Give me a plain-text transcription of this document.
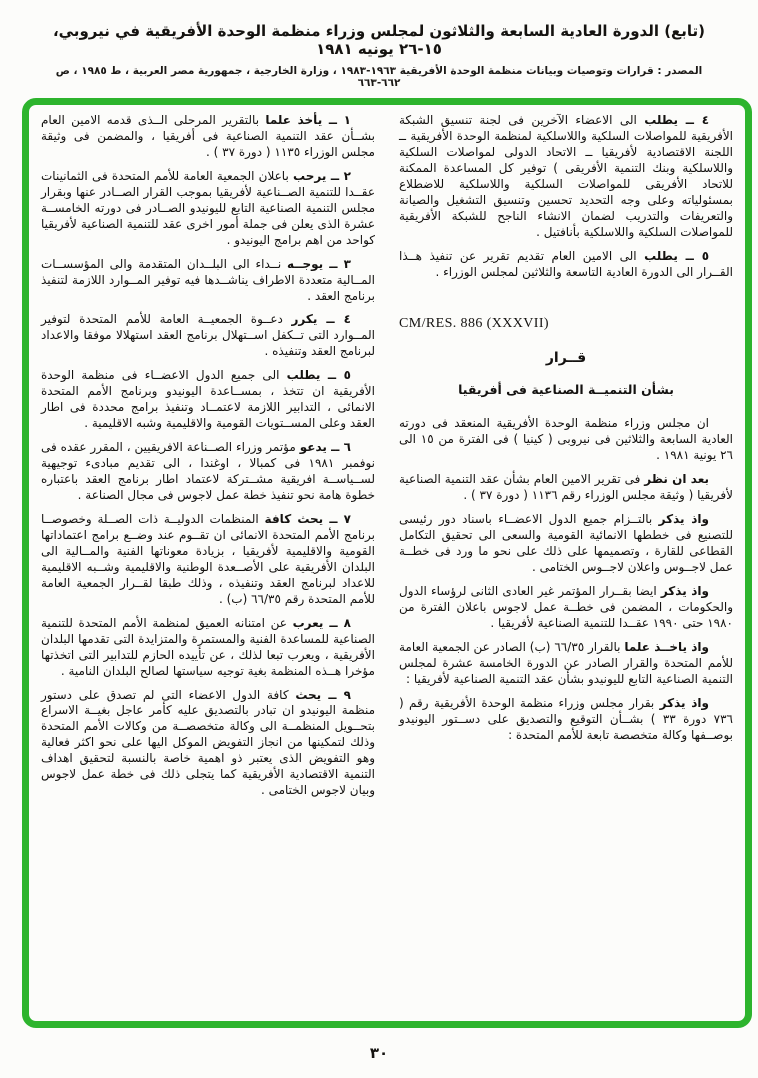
(تابع) الدورة العادية السابعة والثلاثون لمجلس وزراء منظمة الوحدة الأفريقية في نيروبي، ١٥-٢٦ يونيه ١٩٨١
المصدر : قرارات وتوصيات وبيانات منظمة الوحدة الأفريقية ١٩٦٣-١٩٨٣ ، وزارة الخارجية ، جمهورية مصر العربية ، ط ١٩٨٥ ، ص ٦٦٢-٦٦٣

٤ ــ يطلب الى الاعضاء الآخرين فى لجنة تنسيق الشبكة الأفريقية للمواصلات السلكية واللاسلكية لمنظمة الوحدة الأفريقية ــ اللجنة الاقتصادية لأفريقيا ــ الاتحاد الدولى لمواصلات السلكية واللاسلكية وبنك التنمية الأفريقى ) توفير كل المساعدة الممكنة للاتحاد الأفريقى للمواصلات السلكية واللاسلكية للاضطلاع بمسئولياته وعلى وجه التحديد تحسين وتنسيق التشغيل والصيانة والتعريفات والتدريب لضمان الانشاء الناجح للشبكة الأفريقية للمواصلات السلكية واللاسلكية بأنافتيل .

٥ ــ يطلب الى الامين العام تقديم تقرير عن تنفيذ هــذا القــرار الى الدورة العادية التاسعة والثلاثين لمجلس الوزراء .

CM/RES. 886 (XXXVII)

قــرار

بشأن التنميــة الصناعية فى أفريقيا

ان مجلس وزراء منظمة الوحدة الأفريقية المنعقد فى دورته العادية السابعة والثلاثين فى نيروبى ( كينيا ) فى الفترة من ١٥ الى ٢٦ يونية ١٩٨١ .

بعد ان نظر فى تقرير الامين العام بشأن عقد التنمية الصناعية لأفريقيا ( وثيقة مجلس الوزراء رقم ١١٣٦ ( دورة ٣٧ ) .

واذ يذكر بالتــزام جميع الدول الاعضــاء باسناد دور رئيسى للتصنيع فى خططها الانمائية القومية والسعى الى تحقيق التكامل القطاعى للقارة ، وتصميمها على ذلك على نحو ما ورد فى خطــة عمل لاجــوس واعلان لاجــوس الختامى .

واذ يذكر ايضا بقــرار المؤتمر غير العادى الثانى لرؤساء الدول والحكومات ، المضمن فى خطــة عمل لاجوس باعلان الفترة من ١٩٨٠ حتى ١٩٩٠ عقــدا للتنمية الصناعية لأفريقيا .

واذ ياخــذ علما بالقرار ٦٦/٣٥ (ب) الصادر عن الجمعية العامة للأمم المتحدة والقرار الصادر عن الدورة الخامسة عشرة لمجلس التنمية الصناعية التابع لليونيدو بشأن عقد التنمية الصناعية لأفريقيا :

واذ يذكر بقرار مجلس وزراء منظمة الوحدة الأفريقية رقم ( ٧٣٦ دورة ٣٣ ) بشــأن التوقيع والتصديق على دســتور اليونيدو بوصــفها وكالة متخصصة تابعة للأمم المتحدة :

١ ــ يأخذ علما بالتقرير المرحلى الــذى قدمه الامين العام بشــأن عقد التنمية الصناعية فى أفريقيا ، والمضمن فى وثيقة مجلس الوزراء ١١٣٥ ( دورة ٣٧ ) .

٢ ــ يرحب باعلان الجمعية العامة للأمم المتحدة فى الثمانينات عقــدا للتنمية الصــناعية لأفريقيا بموجب القرار الصــادر عنها وبقرار مجلس التنمية الصناعية التابع لليونيدو الصــادر فى دورته الخامســة عشرة الذى يعلن فى جملة أمور اخرى عقد للتنمية الصناعية لأفريقيا كواحد من اهم برامج اليونيدو .

٣ ــ يوجــه نــداء الى البلــدان المتقدمة والى المؤسســات المــالية متعددة الاطراف يناشــدها فيه توفير المــوارد اللازمة لتنفيذ برنامج العقد .

٤ ــ يكرر دعــوة الجمعيــة العامة للأمم المتحدة لتوفير المــوارد التى تــكفل اســتهلال برنامج العقد استهلالا موفقا والاعداد لبرنامج العقد وتنفيذه .

٥ ــ يطلب الى جميع الدول الاعضــاء فى منظمة الوحدة الأفريقية ان تتخذ ، بمســاعدة اليونيدو وبرنامج الأمم المتحدة الانمائى ، التدابير اللازمة لاعتمــاد وتنفيذ برامج محددة فى اطار العقد وعلى المســتويات القومية والاقليمية وشبه الاقليمية .

٦ ــ يدعو مؤتمر وزراء الصــناعة الافريقيين ، المقرر عقده فى نوفمبر ١٩٨١ فى كمبالا ، اوغندا ، الى تقديم مبادىء توجيهية لســياســة افريقية مشــتركة لاعتماد اطار برنامج العقد باعتباره خطوة هامة نحو تنفيذ خطة عمل لاجوس فى مجال الصناعة .

٧ ــ يحث كافة المنظمات الدوليــة ذات الصــلة وخصوصــا برنامج الأمم المتحدة الانمائى ان تقــوم عند وضــع برامج اعتماداتها القومية والاقليمية لأفريقيا ، بزيادة معوناتها الفنية والمــالية الى البلدان الأفريقية على الأصــعدة الوطنية والاقليمية وشــبه الاقليمية للاعداد لبرنامج العقد وتنفيذه ، وذلك طبقا لقــرار الجمعية العامة للأمم المتحدة رقم ٦٦/٣٥ (ب) .

٨ ــ يعرب عن امتنانه العميق لمنظمة الأمم المتحدة للتنمية الصناعية للمساعدة الفنية والمستمرة والمتزايدة التى تقدمها البلدان الأفريقية ، ويعرب تبعا لذلك ، عن تأييده الحازم للتدابير التى اتخذتها مؤخرا هــذه المنظمة بغية توجيه سياستها لصالح البلدان النامية .

٩ ــ يحث كافة الدول الاعضاء التى لم تصدق على دستور منظمة اليونيدو ان تبادر بالتصديق عليه كأمر عاجل بغيــة الاسراع بتحــويل المنظمــة الى وكالة متخصصــة من وكالات الأمم المتحدة وذلك لتمكينها من انجاز التفويض الموكل اليها على نحو اكثر فعالية وهو التفويض الذى يعتبر ذو اهمية خاصة بالنسبة لتحقيق اهداف التنمية الاقتصادية الأفريقية كما يتجلى ذلك فى خطة عمل لاجوس وبيان لاجوس الختامى .

٣٠
